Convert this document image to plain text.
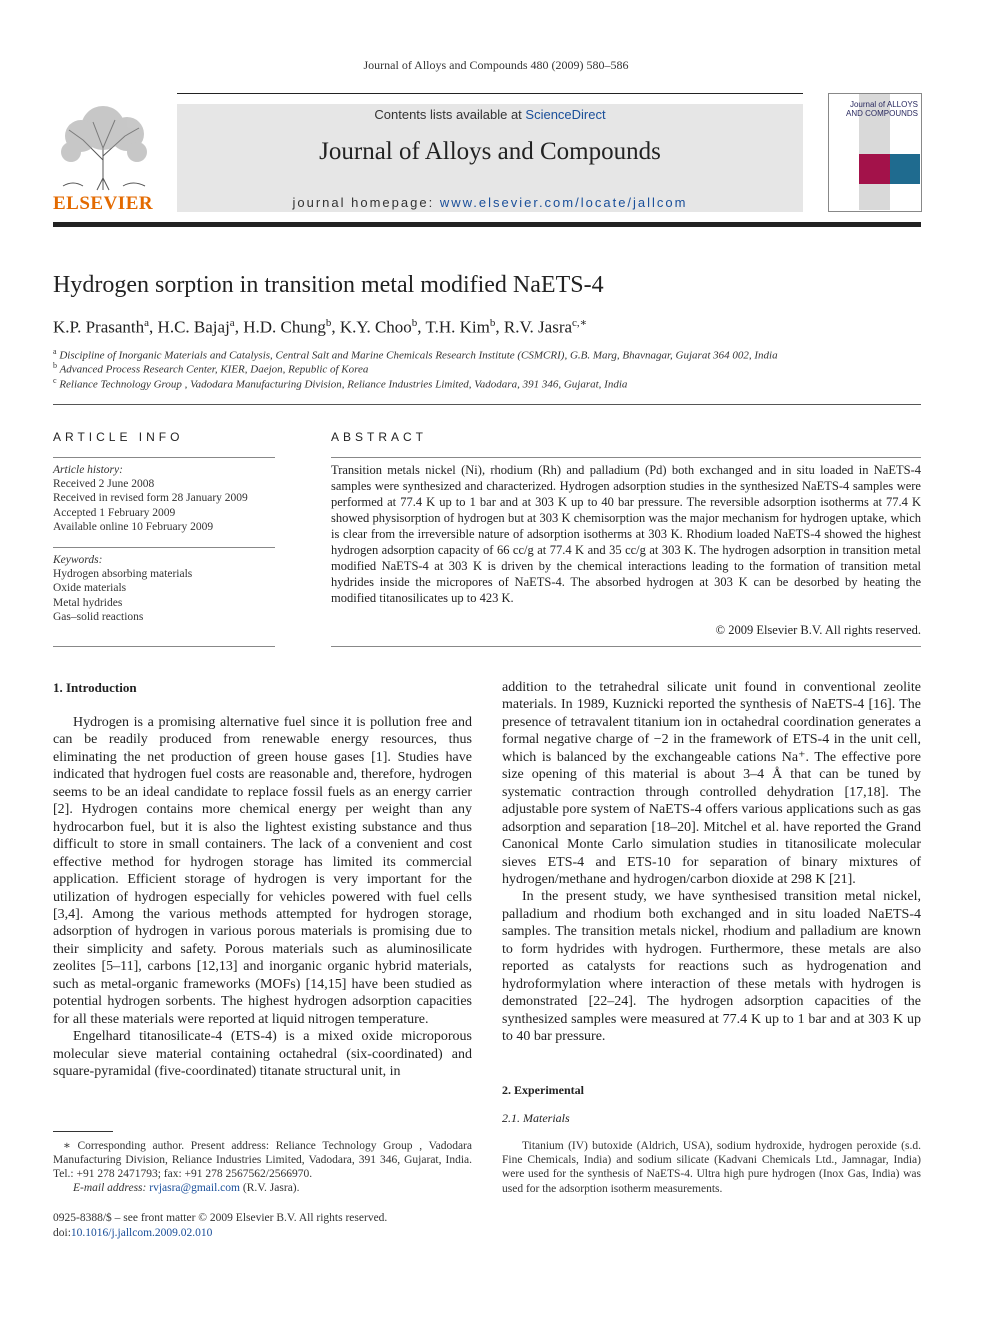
Journal of Alloys and Compounds 480 (2009) 580–586
ELSEVIER
Contents lists available at ScienceDirect
Journal of Alloys and Compounds
journal homepage: www.elsevier.com/locate/jallcom
Journal of ALLOYS AND COMPOUNDS
Hydrogen sorption in transition metal modified NaETS-4
K.P. Prasanth$^a$, H.C. Bajaj$^a$, H.D. Chung$^b$, K.Y. Choo$^b$, T.H. Kim$^b$, R.V. Jasra$^{c,∗}$
$^a$ Discipline of Inorganic Materials and Catalysis, Central Salt and Marine Chemicals Research Institute (CSMCRI), G.B. Marg, Bhavnagar, Gujarat 364 002, India
$^b$ Advanced Process Research Center, KIER, Daejon, Republic of Korea
$^c$ Reliance Technology Group , Vadodara Manufacturing Division, Reliance Industries Limited, Vadodara, 391 346, Gujarat, India
ARTICLE INFO
Article history:
Received 2 June 2008
Received in revised form 28 January 2009
Accepted 1 February 2009
Available online 10 February 2009
Keywords:
Hydrogen absorbing materials
Oxide materials
Metal hydrides
Gas–solid reactions
ABSTRACT
Transition metals nickel (Ni), rhodium (Rh) and palladium (Pd) both exchanged and in situ loaded in NaETS-4 samples were synthesized and characterized. Hydrogen adsorption studies in the synthesized NaETS-4 samples were performed at 77.4 K up to 1 bar and at 303 K up to 40 bar pressure. The reversible adsorption isotherms at 77.4 K showed physisorption of hydrogen but at 303 K chemisorption was the major mechanism for hydrogen uptake, which is clear from the irreversible nature of adsorption isotherms at 303 K. Rhodium loaded NaETS-4 showed the highest hydrogen adsorption capacity of 66 cc/g at 77.4 K and 35 cc/g at 303 K. The hydrogen adsorption in transition metal modified NaETS-4 at 303 K is driven by the chemical interactions leading to the formation of transition metal hydrides inside the micropores of NaETS-4. The absorbed hydrogen at 303 K can be desorbed by heating the modified titanosilicates up to 423 K.
© 2009 Elsevier B.V. All rights reserved.
1. Introduction

Hydrogen is a promising alternative fuel since it is pollution free and can be readily produced from renewable energy resources, thus eliminating the net production of green house gases [1]. Studies have indicated that hydrogen fuel costs are reasonable and, therefore, hydrogen seems to be an ideal candidate to replace fossil fuels as an energy carrier [2]. Hydrogen contains more chemical energy per weight than any hydrocarbon fuel, but it is also the lightest existing substance and thus difficult to store in small containers. The lack of a convenient and cost effective method for hydrogen storage has limited its commercial application. Efficient storage of hydrogen is very important for the utilization of hydrogen especially for vehicles powered with fuel cells [3,4]. Among the various methods attempted for hydrogen storage, adsorption of hydrogen in various porous materials is promising due to their simplicity and safety. Porous materials such as aluminosilicate zeolites [5–11], carbons [12,13] and inorganic organic hybrid materials, such as metal-organic frameworks (MOFs) [14,15] have been studied as potential hydrogen sorbents. The highest hydrogen adsorption capacities for all these materials were reported at liquid nitrogen temperature.

Engelhard titanosilicate-4 (ETS-4) is a mixed oxide microporous molecular sieve material containing octahedral (six-coordinated) and square-pyramidal (five-coordinated) titanate structural unit, in

addition to the tetrahedral silicate unit found in conventional zeolite materials. In 1989, Kuznicki reported the synthesis of NaETS-4 [16]. The presence of tetravalent titanium ion in octahedral coordination generates a formal negative charge of −2 in the framework of ETS-4 in the unit cell, which is balanced by the exchangeable cations Na⁺. The effective pore size opening of this material is about 3–4 Å that can be tuned by systematic contraction through controlled dehydration [17,18]. The adjustable pore system of NaETS-4 offers various applications such as gas adsorption and separation [18–20]. Mitchel et al. have reported the Grand Canonical Monte Carlo simulation studies in titanosilicate molecular sieves ETS-4 and ETS-10 for separation of binary mixtures of hydrogen/methane and hydrogen/carbon dioxide at 298 K [21].

In the present study, we have synthesised transition metal nickel, palladium and rhodium both exchanged and in situ loaded NaETS-4 samples. The transition metals nickel, rhodium and palladium are known to form hydrides with hydrogen. Furthermore, these metals are also reported as catalysts for reactions such as hydrogenation and hydroformylation where interaction of these metals with hydrogen is demonstrated [22–24]. The hydrogen adsorption capacities of the synthesized samples were measured at 77.4 K up to 1 bar and at 303 K up to 40 bar pressure.

2. Experimental
2.1. Materials
Titanium (IV) butoxide (Aldrich, USA), sodium hydroxide, hydrogen peroxide (s.d. Fine Chemicals, India) and sodium silicate (Kadvani Chemicals Ltd., Jamnagar, India) were used for the synthesis of NaETS-4. Ultra high pure hydrogen (Inox Gas, India) was used for the adsorption isotherm measurements.
∗ Corresponding author. Present address: Reliance Technology Group , Vadodara Manufacturing Division, Reliance Industries Limited, Vadodara, 391 346, Gujarat, India. Tel.: +91 278 2471793; fax: +91 278 2567562/2566970.
E-mail address: rvjasra@gmail.com (R.V. Jasra).
0925-8388/$ – see front matter © 2009 Elsevier B.V. All rights reserved.
doi:10.1016/j.jallcom.2009.02.010
